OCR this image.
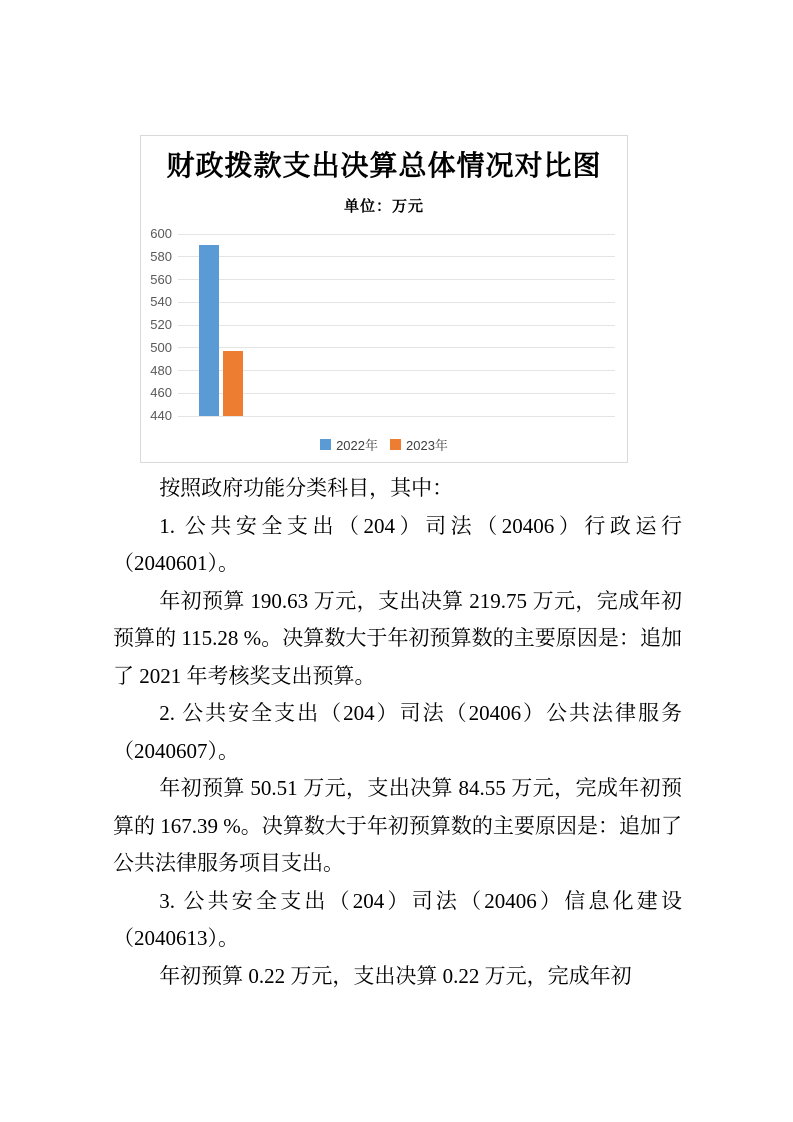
财政拨款支出决算总体情况对比图
单位：万元
440
460
480
500
520
540
560
580
600
2022年 2023年

按照政府功能分类科目，其中：

1. 公共安全支出（204）司法（20406）行政运行（2040601）。

年初预算 190.63 万元，支出决算 219.75 万元，完成年初预算的 115.28 %。决算数大于年初预算数的主要原因是：追加了 2021 年考核奖支出预算。

2. 公共安全支出（204）司法（20406）公共法律服务（2040607）。

年初预算 50.51 万元，支出决算 84.55 万元，完成年初预算的 167.39 %。决算数大于年初预算数的主要原因是：追加了公共法律服务项目支出。

3. 公共安全支出（204）司法（20406）信息化建设（2040613）。

年初预算 0.22 万元，支出决算 0.22 万元，完成年初
